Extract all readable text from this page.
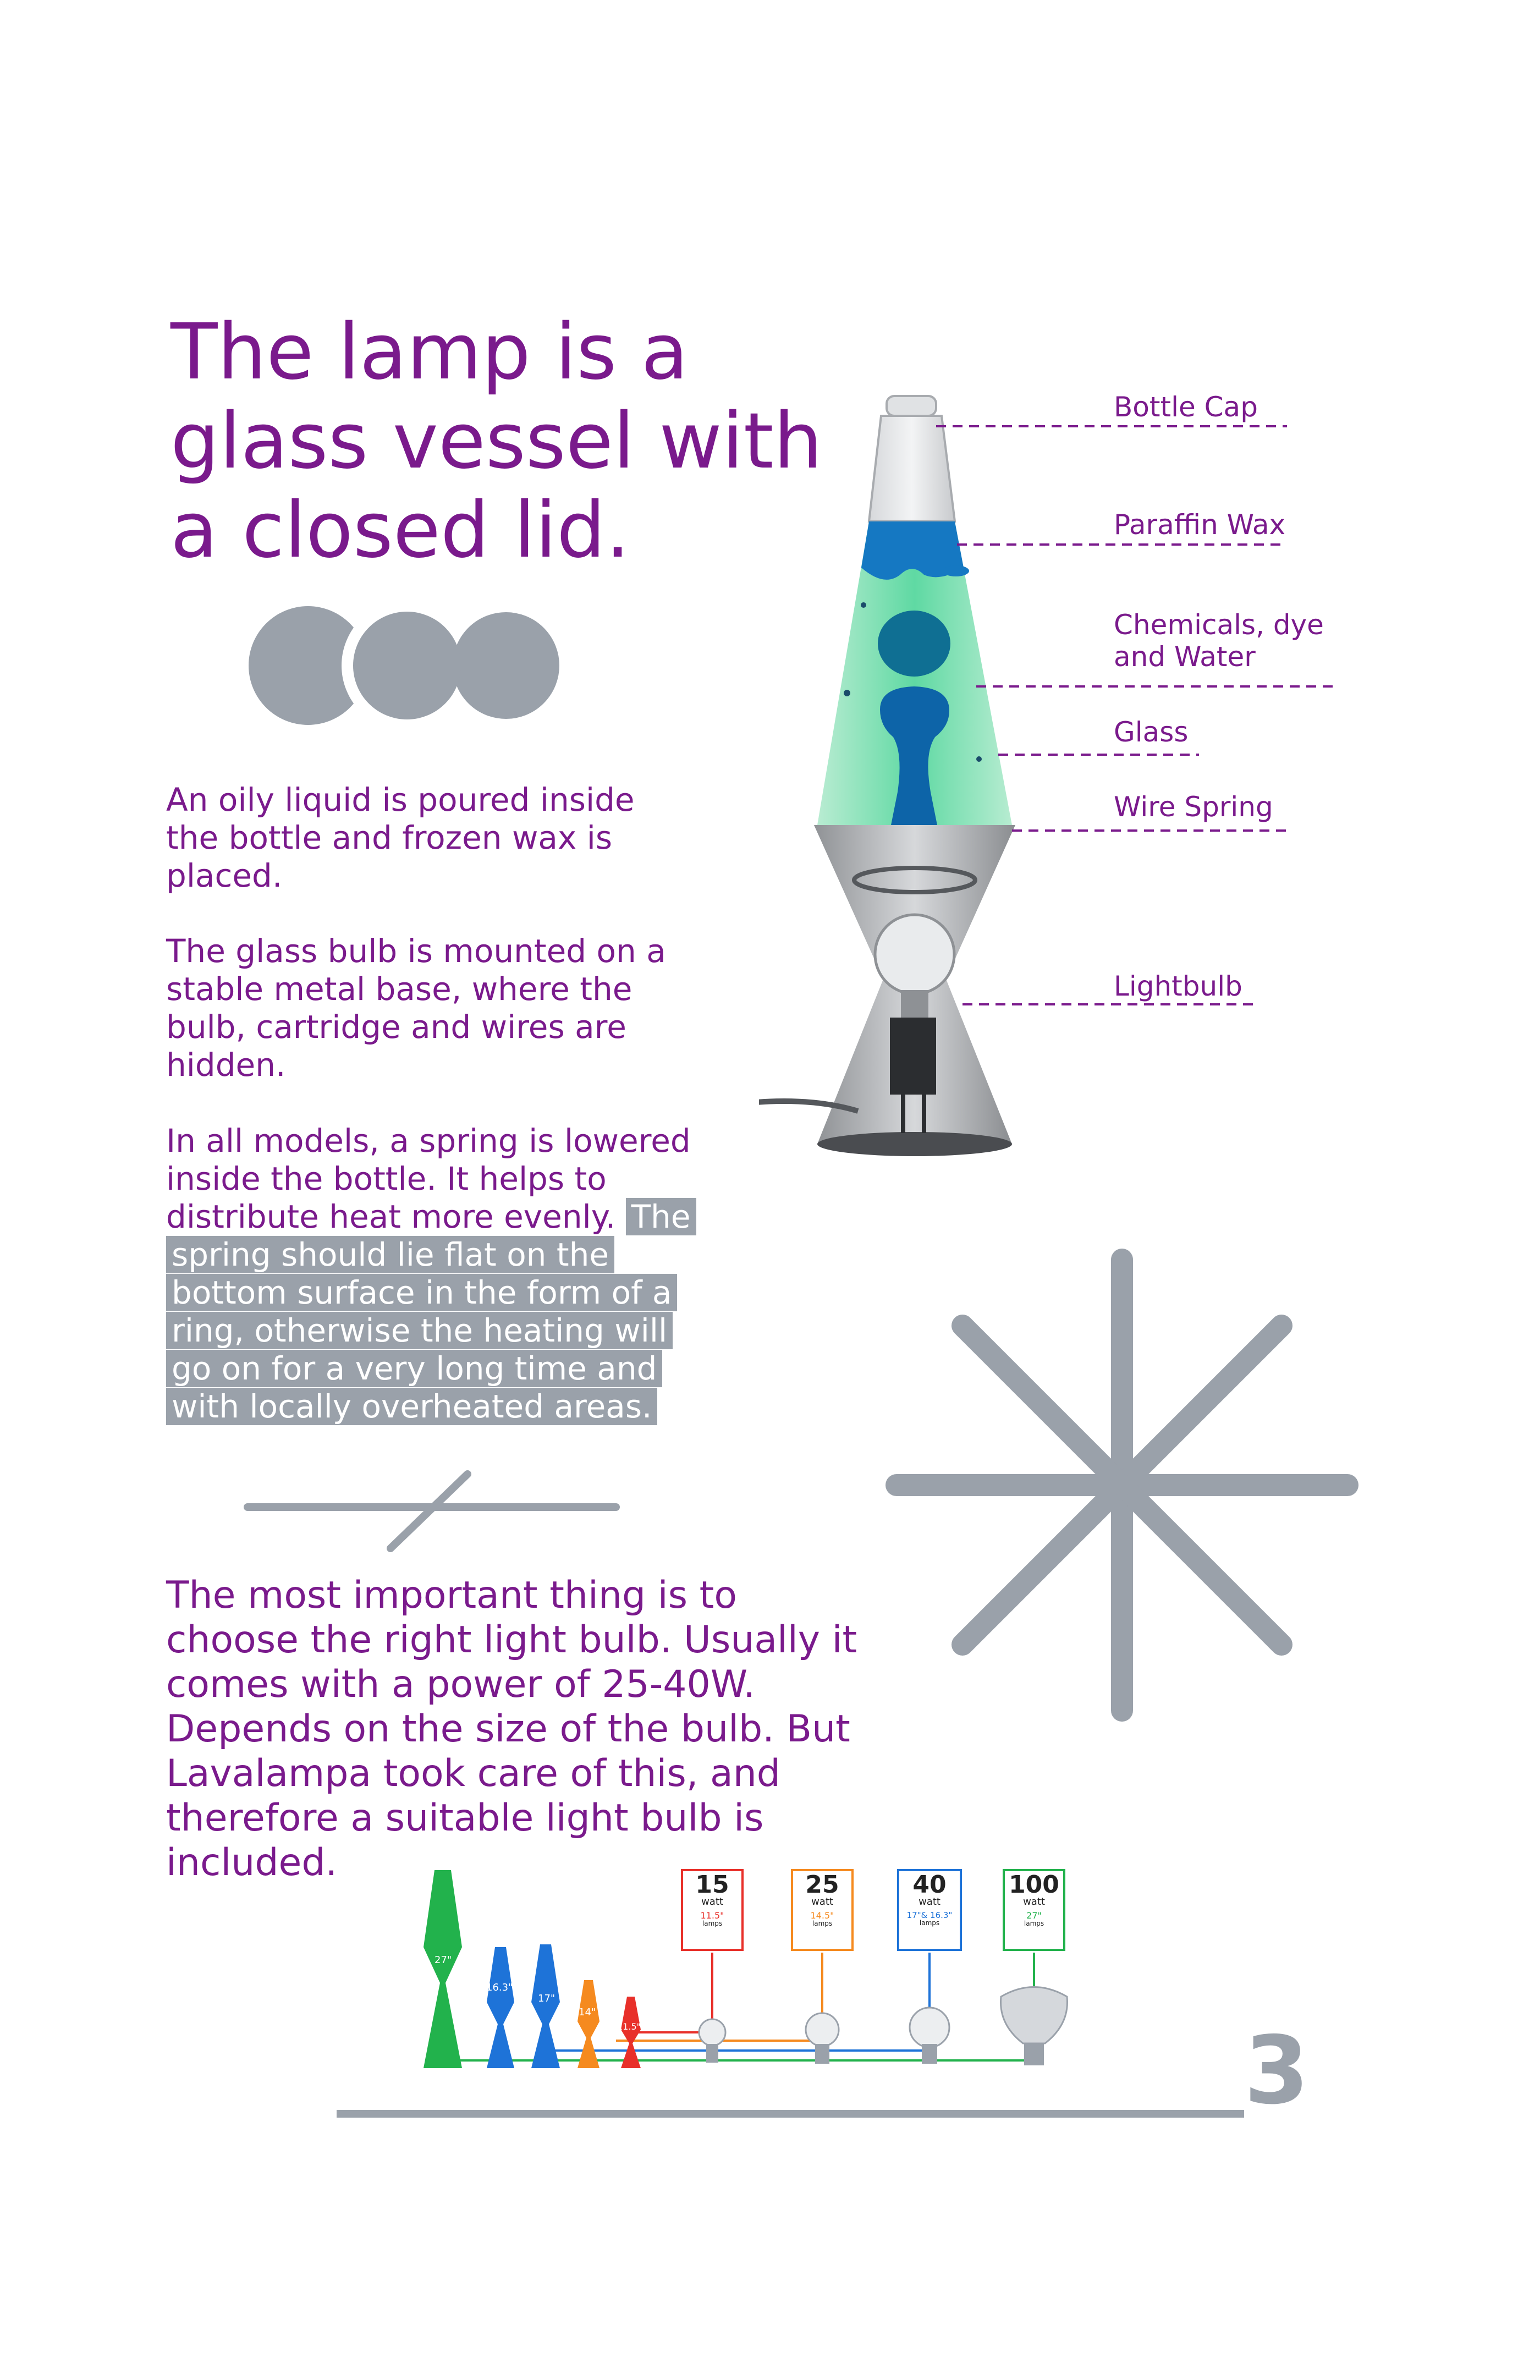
The lamp is a glass vessel with a closed lid.

An oily liquid is poured inside the bottle and frozen wax is placed.

The glass bulb is mounted on a stable metal base, where the bulb, cartridge and wires are hidden.

In all models, a spring is lowered inside the bottle. It helps to distribute heat more evenly. The spring should lie flat on the bottom surface in the form of a ring, otherwise the heating will go on for a very long time and with locally overheated areas.

The most important thing is to choose the right light bulb. Usually it comes with a power of 25-40W. Depends on the size of the bulb. But Lavalampa took care of this, and therefore a suitable light bulb is included.

Bottle Cap
Paraffin Wax
Chemicals, dye
and Water
Glass
Wire Spring
Lightbulb
27"
16.3"
17"
14"
11.5"
15
watt
11.5"
lamps
25
watt
14.5"
lamps
40
watt
17"& 16.3"
lamps
100
watt
27"
lamps
3
